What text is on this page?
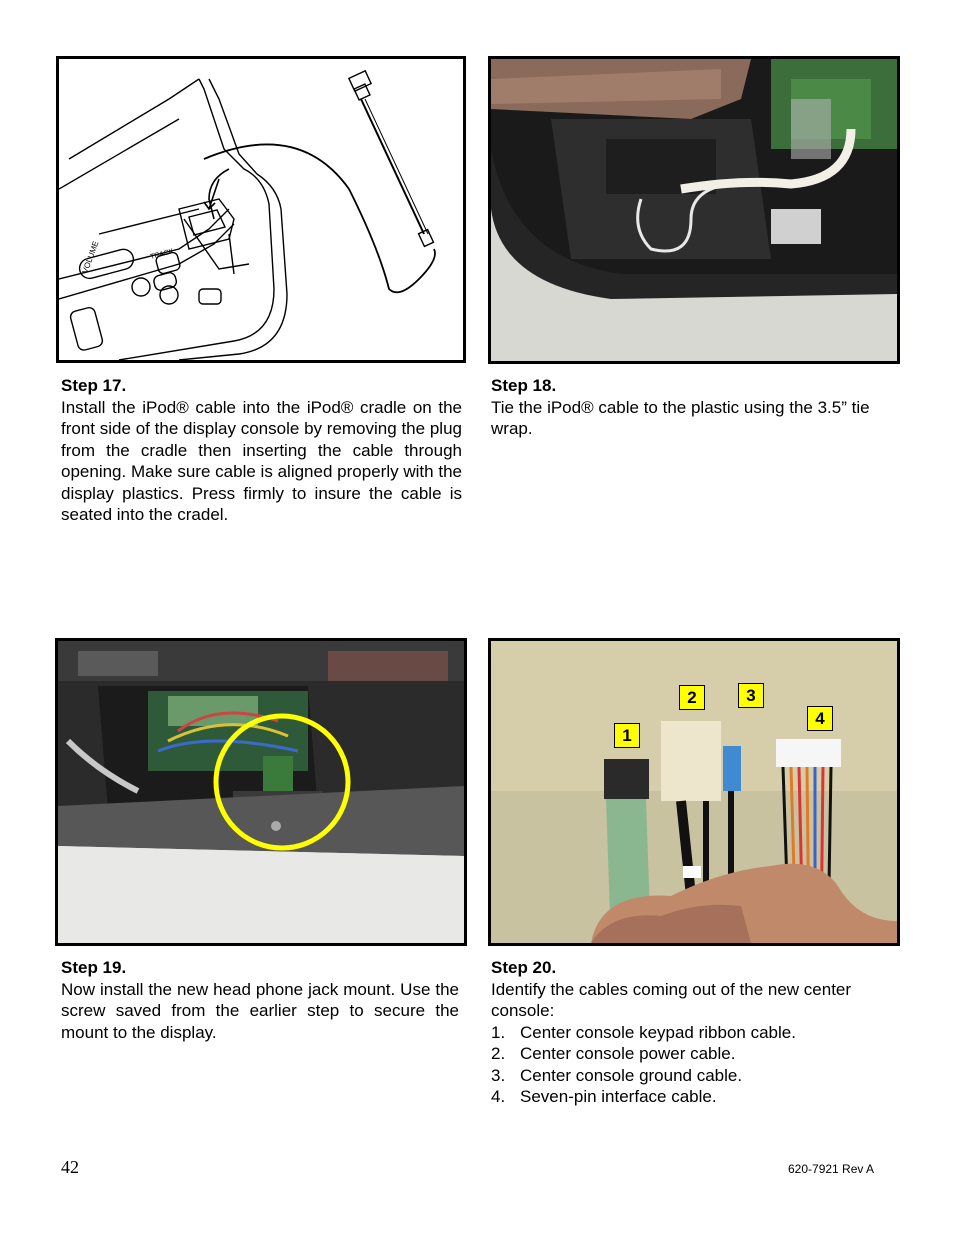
VOLUME	TRACK
1
2	3
4
Step 17.
Install the iPod® cable into the iPod® cradle on the front side of the display console by removing the plug from the cradle then inserting the cable through opening. Make sure cable is aligned properly with the display plastics. Press firmly to insure the cable is seated into the cradel.
Step 18.
Tie the iPod® cable to the plastic using the 3.5” tie wrap.
Step 19.
Now install the new head phone jack mount. Use the screw saved from the earlier step to secure the mount to the display.
Step 20.
Identify the cables coming out of the new center console:
1. Center console keypad ribbon cable.
2. Center console power cable.
3. Center console ground cable.
4. Seven-pin interface cable.
42	620-7921 Rev A
